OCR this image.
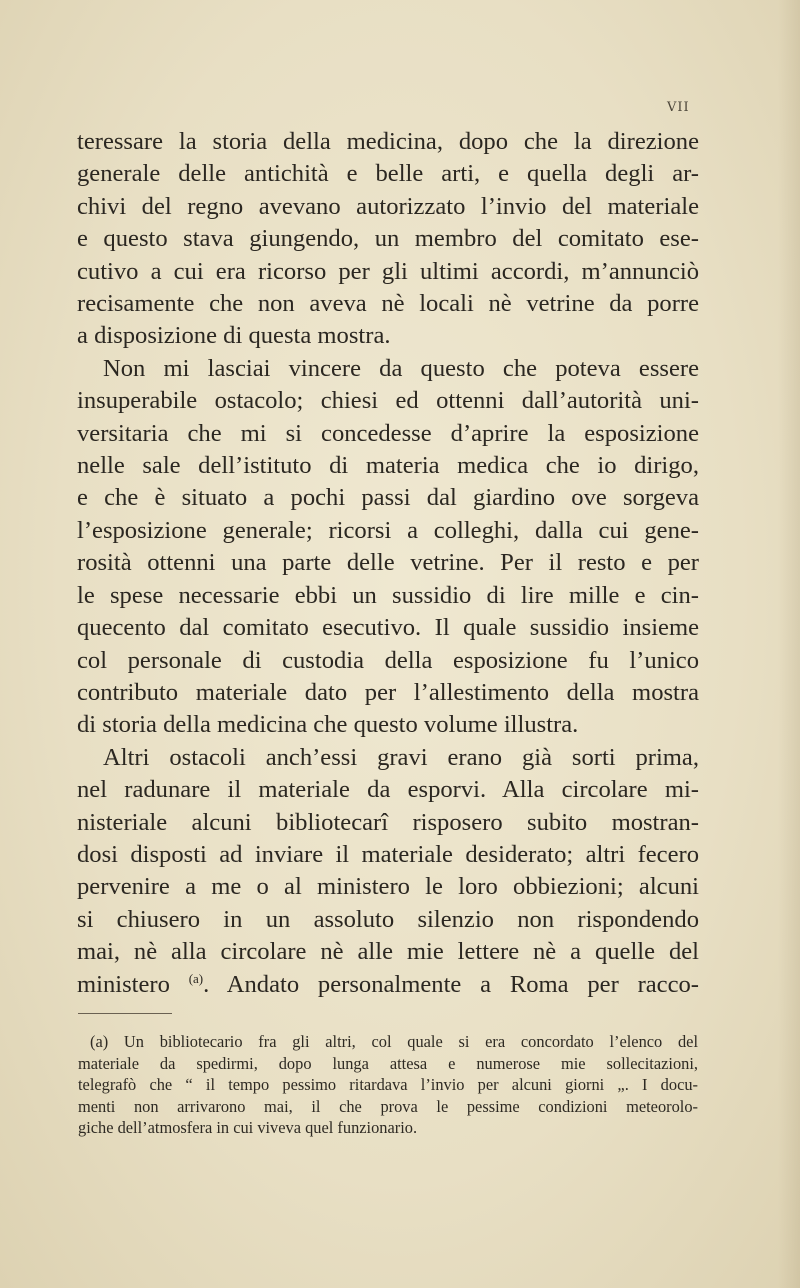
VII
teressare la storia della medicina, dopo che la direzione
generale delle antichità e belle arti, e quella degli ar-
chivi del regno avevano autorizzato l’invio del materiale
e questo stava giungendo, un membro del comitato ese-
cutivo a cui era ricorso per gli ultimi accordi, m’annunciò
recisamente che non aveva nè locali nè vetrine da porre
a disposizione di questa mostra.
Non mi lasciai vincere da questo che poteva essere
insuperabile ostacolo; chiesi ed ottenni dall’autorità uni-
versitaria che mi si concedesse d’aprire la esposizione
nelle sale dell’istituto di materia medica che io dirigo,
e che è situato a pochi passi dal giardino ove sorgeva
l’esposizione generale; ricorsi a colleghi, dalla cui gene-
rosità ottenni una parte delle vetrine. Per il resto e per
le spese necessarie ebbi un sussidio di lire mille e cin-
quecento dal comitato esecutivo. Il quale sussidio insieme
col personale di custodia della esposizione fu l’unico
contributo materiale dato per l’allestimento della mostra
di storia della medicina che questo volume illustra.
Altri ostacoli anch’essi gravi erano già sorti prima,
nel radunare il materiale da esporvi. Alla circolare mi-
nisteriale alcuni bibliotecarî risposero subito mostran-
dosi disposti ad inviare il materiale desiderato; altri fecero
pervenire a me o al ministero le loro obbiezioni; alcuni
si chiusero in un assoluto silenzio non rispondendo
mai, nè alla circolare nè alle mie lettere nè a quelle del
ministero $^{(a)}$. Andato personalmente a Roma per racco-
(a) Un bibliotecario fra gli altri, col quale si era concordato l’elenco del
materiale da spedirmi, dopo lunga attesa e numerose mie sollecitazioni,
telegrafò che “ il tempo pessimo ritardava l’invio per alcuni giorni „. I docu-
menti non arrivarono mai, il che prova le pessime condizioni meteorolo-
giche dell’atmosfera in cui viveva quel funzionario.
